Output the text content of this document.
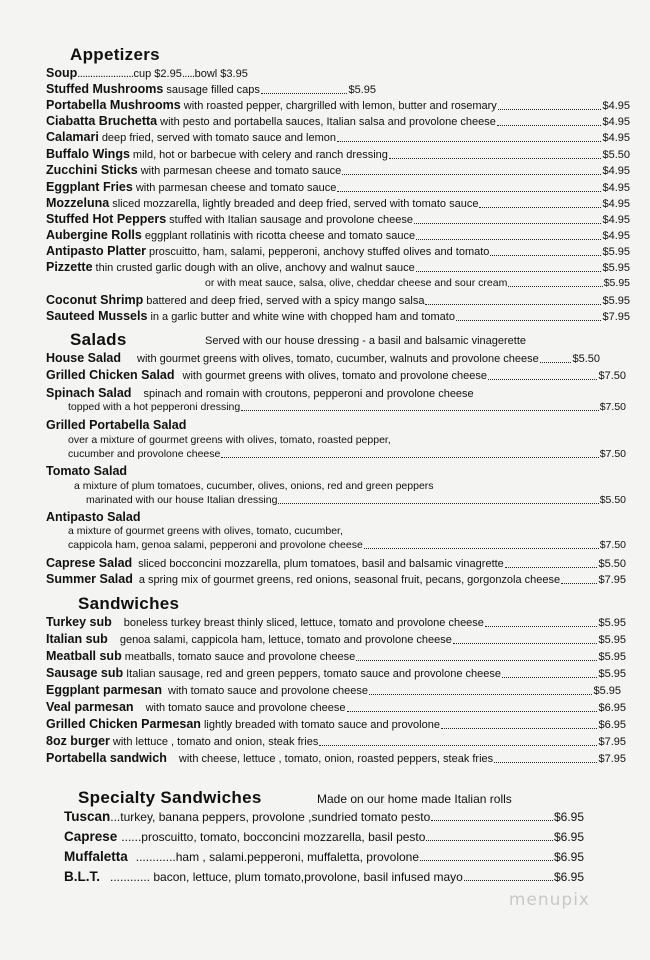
Appetizers
Soup ...................... cup $2.95 ..... bowl $3.95
Stuffed Mushrooms sausage filled caps	$5.95
Portabella Mushrooms with roasted pepper, chargrilled with lemon, butter and rosemary	$4.95
Ciabatta Bruchetta with pesto and portabella sauces, Italian salsa and provolone cheese	$4.95
Calamari deep fried, served with tomato sauce and lemon	$4.95
Buffalo Wings mild, hot or barbecue with celery and ranch dressing	$5.50
Zucchini Sticks with parmesan cheese and tomato sauce	$4.95
Eggplant Fries with parmesan cheese and tomato sauce	$4.95
Mozzeluna sliced mozzarella, lightly breaded and deep fried, served with tomato sauce	$4.95
Stuffed Hot Peppers stuffed with Italian sausage and provolone cheese	$4.95
Aubergine Rolls eggplant rollatinis with ricotta cheese and tomato sauce	$4.95
Antipasto Platter proscuitto, ham, salami, pepperoni, anchovy stuffed olives and tomato	$5.95
Pizzette thin crusted garlic dough with an olive, anchovy and walnut sauce	$5.95
or with meat sauce, salsa, olive, cheddar cheese and sour cream	$5.95
Coconut Shrimp battered and deep fried, served with a spicy mango salsa	$5.95
Sauteed Mussels in a garlic butter and white wine with chopped ham and tomato	$7.95
Salads	Served with our house dressing - a basil and balsamic vinagerette
House Salad with gourmet greens with olives, tomato, cucumber, walnuts and provolone cheese	$5.50
Grilled Chicken Salad with gourmet greens with olives, tomato and provolone cheese	$7.50
Spinach Salad spinach and romain with croutons, pepperoni and provolone cheese
topped with a hot pepperoni dressing	$7.50
Grilled Portabella Salad
over a mixture of gourmet greens with olives, tomato, roasted pepper,
cucumber and provolone cheese	$7.50
Tomato Salad
a mixture of plum tomatoes, cucumber, olives, onions, red and green peppers
marinated with our house Italian dressing	$5.50
Antipasto Salad
a mixture of gourmet greens with olives, tomato, cucumber,
cappicola ham, genoa salami, pepperoni and provolone cheese	$7.50
Caprese Salad sliced bocconcini mozzarella, plum tomatoes, basil and balsamic vinagrette	$5.50
Summer Salad a spring mix of gourmet greens, red onions, seasonal fruit, pecans, gorgonzola cheese	$7.95
Sandwiches
Turkey sub boneless turkey breast thinly sliced, lettuce, tomato and provolone cheese	$5.95
Italian sub genoa salami, cappicola ham, lettuce, tomato and provolone cheese	$5.95
Meatball sub meatballs, tomato sauce and provolone cheese	$5.95
Sausage sub Italian sausage, red and green peppers, tomato sauce and provolone cheese	$5.95
Eggplant parmesan with tomato sauce and provolone cheese	$5.95
Veal parmesan with tomato sauce and provolone cheese	$6.95
Grilled Chicken Parmesan lightly breaded with tomato sauce and provolone	$6.95
8oz burger with lettuce , tomato and onion, steak fries	$7.95
Portabella sandwich with cheese, lettuce , tomato, onion, roasted peppers, steak fries	$7.95
Specialty Sandwiches	Made on our home made Italian rolls
Tuscan ...turkey, banana peppers, provolone ,sundried tomato pesto	$6.95
Caprese ......proscuitto, tomato, bocconcini mozzarella, basil pesto	$6.95
Muffaletta ............ham , salami.pepperoni, muffaletta, provolone	$6.95
B.L.T. ............ bacon, lettuce, plum tomato,provolone, basil infused mayo	$6.95
menupix
